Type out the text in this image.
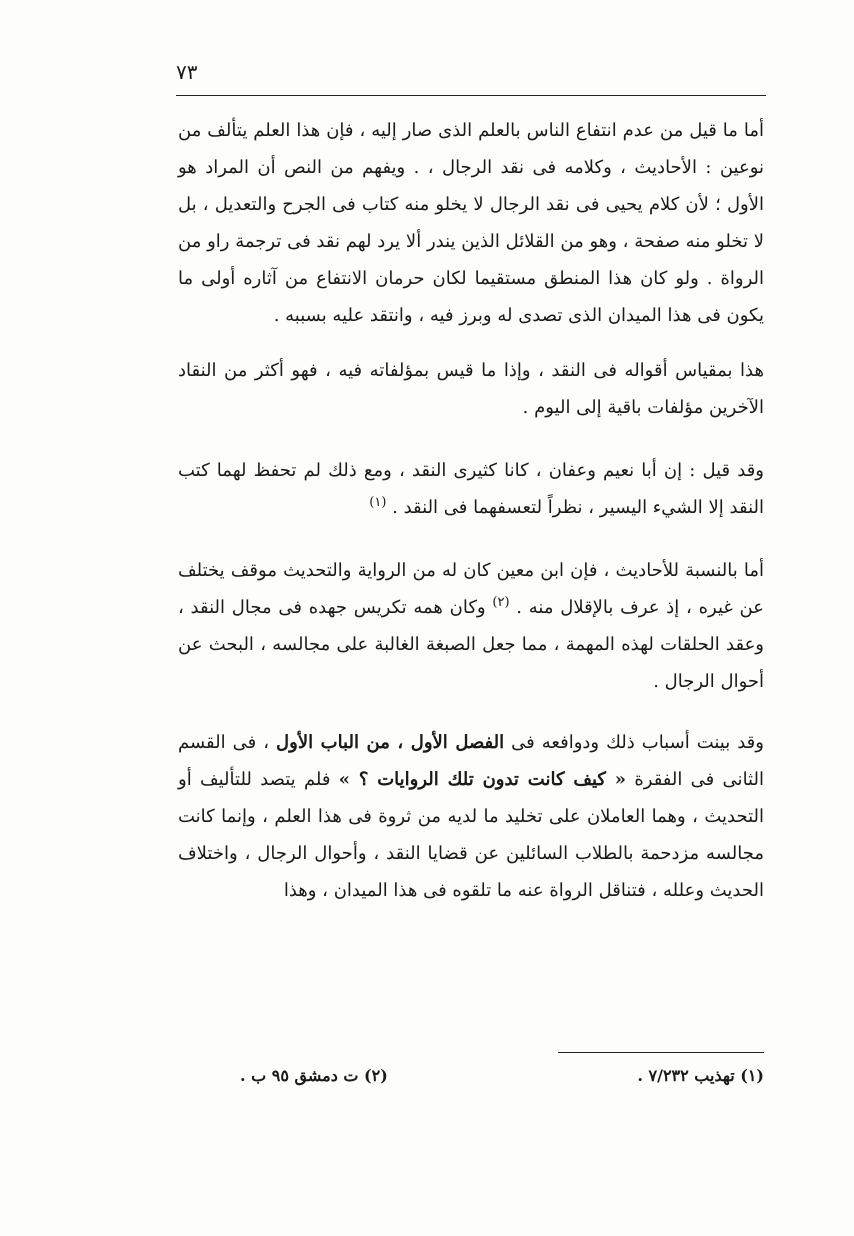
٧٣

أما ما قيل من عدم انتفاع الناس بالعلم الذى صار إليه ، فإن هذا العلم يتألف من نوعين : الأحاديث ، وكلامه فى نقد الرجال ، . ويفهم من النص أن المراد هو الأول ؛ لأن كلام يحيى فى نقد الرجال لا يخلو منه كتاب فى الجرح والتعديل ، بل لا تخلو منه صفحة ، وهو من القلائل الذين يندر ألا يرد لهم نقد فى ترجمة راو من الرواة . ولو كان هذا المنطق مستقيما لكان حرمان الانتفاع من آثاره أولى ما يكون فى هذا الميدان الذى تصدى له وبرز فيه ، وانتقد عليه بسببه .

هذا بمقياس أقواله فى النقد ، وإذا ما قيس بمؤلفاته فيه ، فهو أكثر من النقاد الآخرين مؤلفات باقية إلى اليوم .

وقد قيل : إن أبا نعيم وعفان ، كانا كثيرى النقد ، ومع ذلك لم تحفظ لهما كتب النقد إلا الشيء اليسير ، نظراً لتعسفهما فى النقد . $^{(١)}$

أما بالنسبة للأحاديث ، فإن ابن معين كان له من الرواية والتحديث موقف يختلف عن غيره ، إذ عرف بالإقلال منه . $^{(٢)}$ وكان همه تكريس جهده فى مجال النقد ، وعقد الحلقات لهذه المهمة ، مما جعل الصبغة الغالبة على مجالسه ، البحث عن أحوال الرجال .

وقد بينت أسباب ذلك ودوافعه فى الفصل الأول ، من الباب الأول ، فى القسم الثانى فى الفقرة « كيف كانت تدون تلك الروايات ؟ » فلم يتصد للتأليف أو التحديث ، وهما العاملان على تخليد ما لديه من ثروة فى هذا العلم ، وإنما كانت مجالسه مزدحمة بالطلاب السائلين عن قضايا النقد ، وأحوال الرجال ، واختلاف الحديث وعلله ، فتناقل الرواة عنه ما تلقوه فى هذا الميدان ، وهذا

(١) تهذيب ٧/٢٣٢ .
(٢) ت دمشق ٩٥ ب .
